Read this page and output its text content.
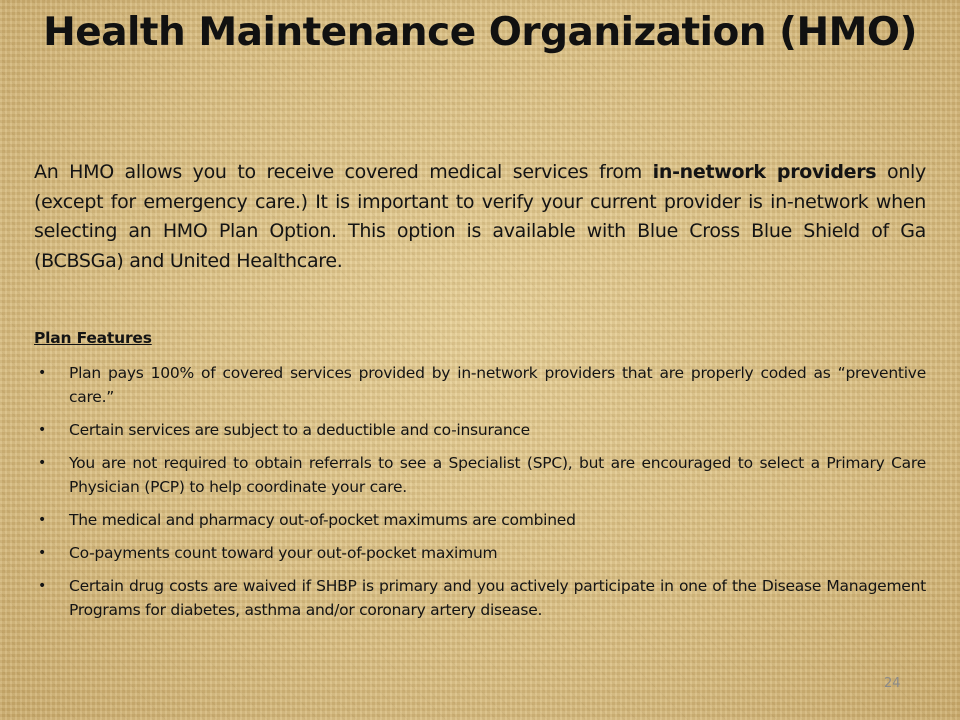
Health Maintenance Organization (HMO)

An HMO allows you to receive covered medical services from in-network providers only (except for emergency care.) It is important to verify your current provider is in-network when selecting an HMO Plan Option. This option is available with Blue Cross Blue Shield of Ga (BCBSGa) and United Healthcare.

Plan Features
• Plan pays 100% of covered services provided by in-network providers that are properly coded as “preventive care.”
• Certain services are subject to a deductible and co-insurance
• You are not required to obtain referrals to see a Specialist (SPC), but are encouraged to select a Primary Care Physician (PCP) to help coordinate your care.
• The medical and pharmacy out-of-pocket maximums are combined
• Co-payments count toward your out-of-pocket maximum
• Certain drug costs are waived if SHBP is primary and you actively participate in one of the Disease Management Programs for diabetes, asthma and/or coronary artery disease.
24
